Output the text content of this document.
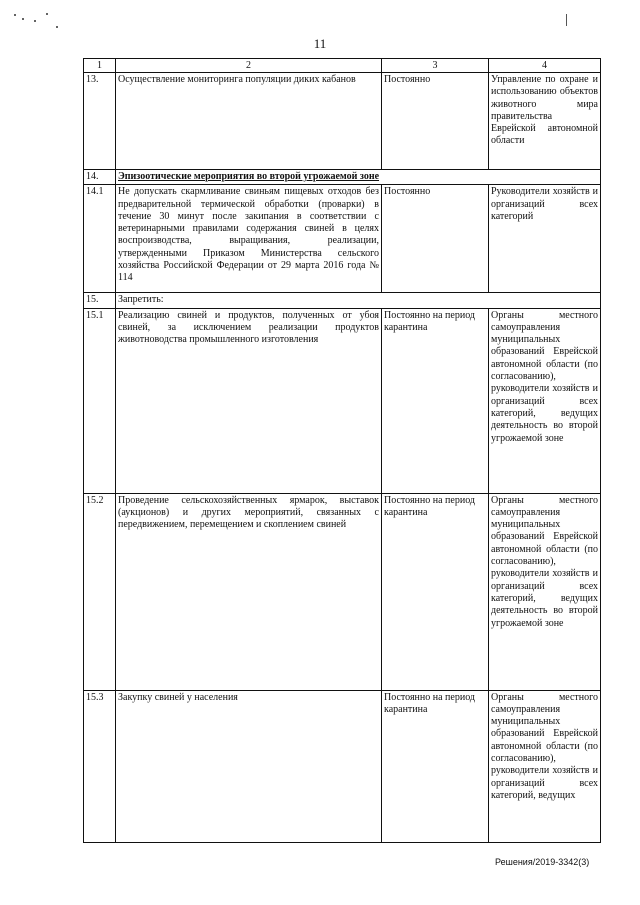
11
1	2	3	4
13.	Осуществление мониторинга популяции диких кабанов	Постоянно	Управление по охране и использованию объектов животного мира правительства Еврейской автономной области
14.	Эпизоотические мероприятия во второй угрожаемой зоне		
14.1	Не допускать скармливание свиньям пищевых отходов без предварительной термической обработки (проварки) в течение 30 минут после закипания в соответствии с ветеринарными правилами содержания свиней в целях воспроизводства, выращивания, реализации, утвержденными Приказом Министерства сельского хозяйства Российской Федерации от 29 марта 2016 года № 114	Постоянно	Руководители хозяйств и организаций всех категорий
15.	Запретить:		
15.1	Реализацию свиней и продуктов, полученных от убоя свиней, за исключением реализации продуктов животноводства промышленного изготовления	Постоянно на период карантина	Органы местного самоуправления муниципальных образований Еврейской автономной области (по согласованию), руководители хозяйств и организаций всех категорий, ведущих деятельность во второй угрожаемой зоне
15.2	Проведение сельскохозяйственных ярмарок, выставок (аукционов) и других мероприятий, связанных с передвижением, перемещением и скоплением свиней	Постоянно на период карантина	Органы местного самоуправления муниципальных образований Еврейской автономной области (по согласованию), руководители хозяйств и организаций всех категорий, ведущих деятельность во второй угрожаемой зоне
15.3	Закупку свиней у населения	Постоянно на период карантина	Органы местного самоуправления муниципальных образований Еврейской автономной области (по согласованию), руководители хозяйств и организаций всех категорий, ведущих
Решения/2019-3342(3)
